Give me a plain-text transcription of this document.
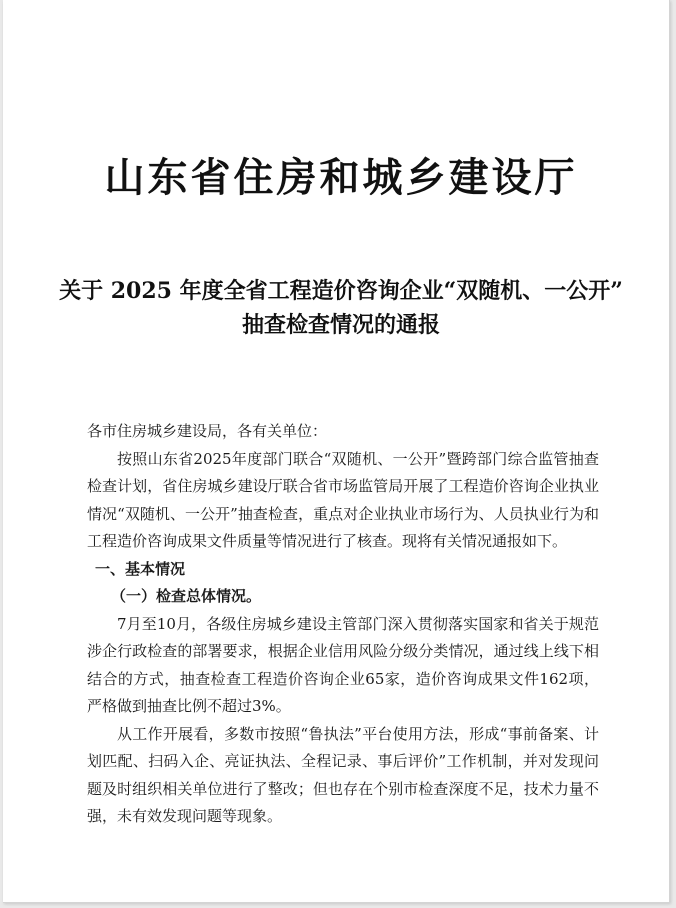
山东省住房和城乡建设厅
关于 2025 年度全省工程造价咨询企业“双随机、一公开”
抽查检查情况的通报

各市住房城乡建设局，各有关单位：

按照山东省2025年度部门联合“双随机、一公开”暨跨部门综合监管抽查检查计划，省住房城乡建设厅联合省市场监管局开展了工程造价咨询企业执业情况“双随机、一公开”抽查检查，重点对企业执业市场行为、人员执业行为和工程造价咨询成果文件质量等情况进行了核查。现将有关情况通报如下。

一、基本情况

（一）检查总体情况。

7月至10月，各级住房城乡建设主管部门深入贯彻落实国家和省关于规范涉企行政检查的部署要求，根据企业信用风险分级分类情况，通过线上线下相结合的方式，抽查检查工程造价咨询企业65家，造价咨询成果文件162项，严格做到抽查比例不超过3%。

从工作开展看，多数市按照“鲁执法”平台使用方法，形成“事前备案、计划匹配、扫码入企、亮证执法、全程记录、事后评价”工作机制，并对发现问题及时组织相关单位进行了整改；但也存在个别市检查深度不足，技术力量不强，未有效发现问题等现象。
